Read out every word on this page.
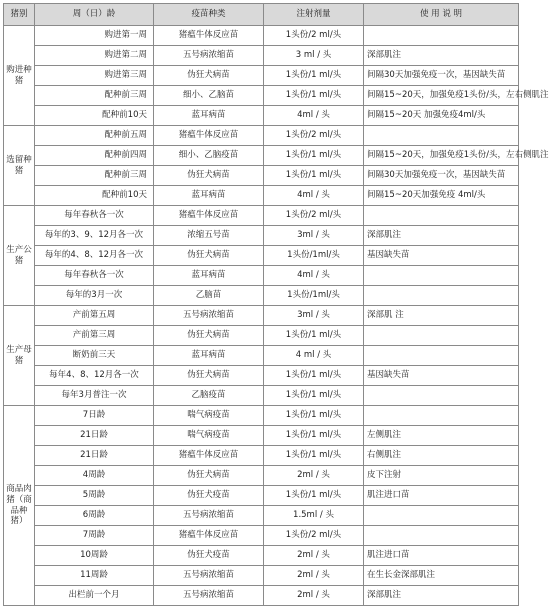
猪别	周（日）龄	疫苗种类	注射剂量	使 用 说 明
购进种猪	购进第一周	猪瘟牛体反应苗	1头份/2 ml/头	
	购进第二周	五号病浓缩苗	3 ml / 头	深部肌注
	购进第三周	伪狂犬病苗	1头份/1 ml/头	间隔30天加强免疫一次，基因缺失苗
	配种前三周	细小、乙脑苗	1头份/1 ml/头	间隔15~20天，加强免疫1头份/头，左右侧肌注
	配种前10天	蓝耳病苗	4ml / 头	间隔15~20天 加强免疫4ml/头
选留种猪	配种前五周	猪瘟牛体反应苗	1头份/2 ml/头	
	配种前四周	细小、乙脑疫苗	1头份/1 ml/头	间隔15~20天，加强免疫1头份/头，左右侧肌注
	配种前三周	伪狂犬病苗	1头份/1 ml/头	间隔30天加强免疫一次，基因缺失苗
	配种前10天	蓝耳病苗	4ml / 头	间隔15~20天加强免疫 4ml/头
生产公猪	每年春秋各一次	猪瘟牛体反应苗	1头份/2 ml/头	
	每年的3、9、12月各一次	浓缩五号苗	3ml / 头	深部肌注
	每年的4、8、12月各一次	伪狂犬病苗	1头份/1ml/头	基因缺失苗
	每年春秋各一次	蓝耳病苗	4ml / 头	
	每年的3月一次	乙脑苗	1头份/1ml/头	
生产母猪	产前第五周	五号病浓缩苗	3ml / 头	深部肌 注
	产前第三周	伪狂犬病苗	1头份/1 ml/头	
	断奶前三天	蓝耳病苗	4 ml / 头	
	每年4、8、12月各一次	伪狂犬病苗	1头份/1 ml/头	基因缺失苗
	每年3月普注一次	乙脑疫苗	1头份/1 ml/头	
商品肉猪（商品种猪）	7日龄	喘气病疫苗	1头份/1 ml/头	
	21日龄	喘气病疫苗	1头份/1 ml/头	左侧肌注
	21日龄	猪瘟牛体反应苗	1头份/1 ml/头	右侧肌注
	4周龄	伪狂犬病苗	2ml / 头	皮下注射
	5周龄	伪狂犬疫苗	1头份/1 ml/头	肌注进口苗
	6周龄	五号病浓缩苗	1.5ml / 头	
	7周龄	猪瘟牛体反应苗	1头份/2 ml/头	
	10周龄	伪狂犬疫苗	2ml / 头	肌注进口苗
	11周龄	五号病浓缩苗	2ml / 头	在生长金深部肌注
	出栏前一个月	五号病浓缩苗	2ml / 头	深部肌注
